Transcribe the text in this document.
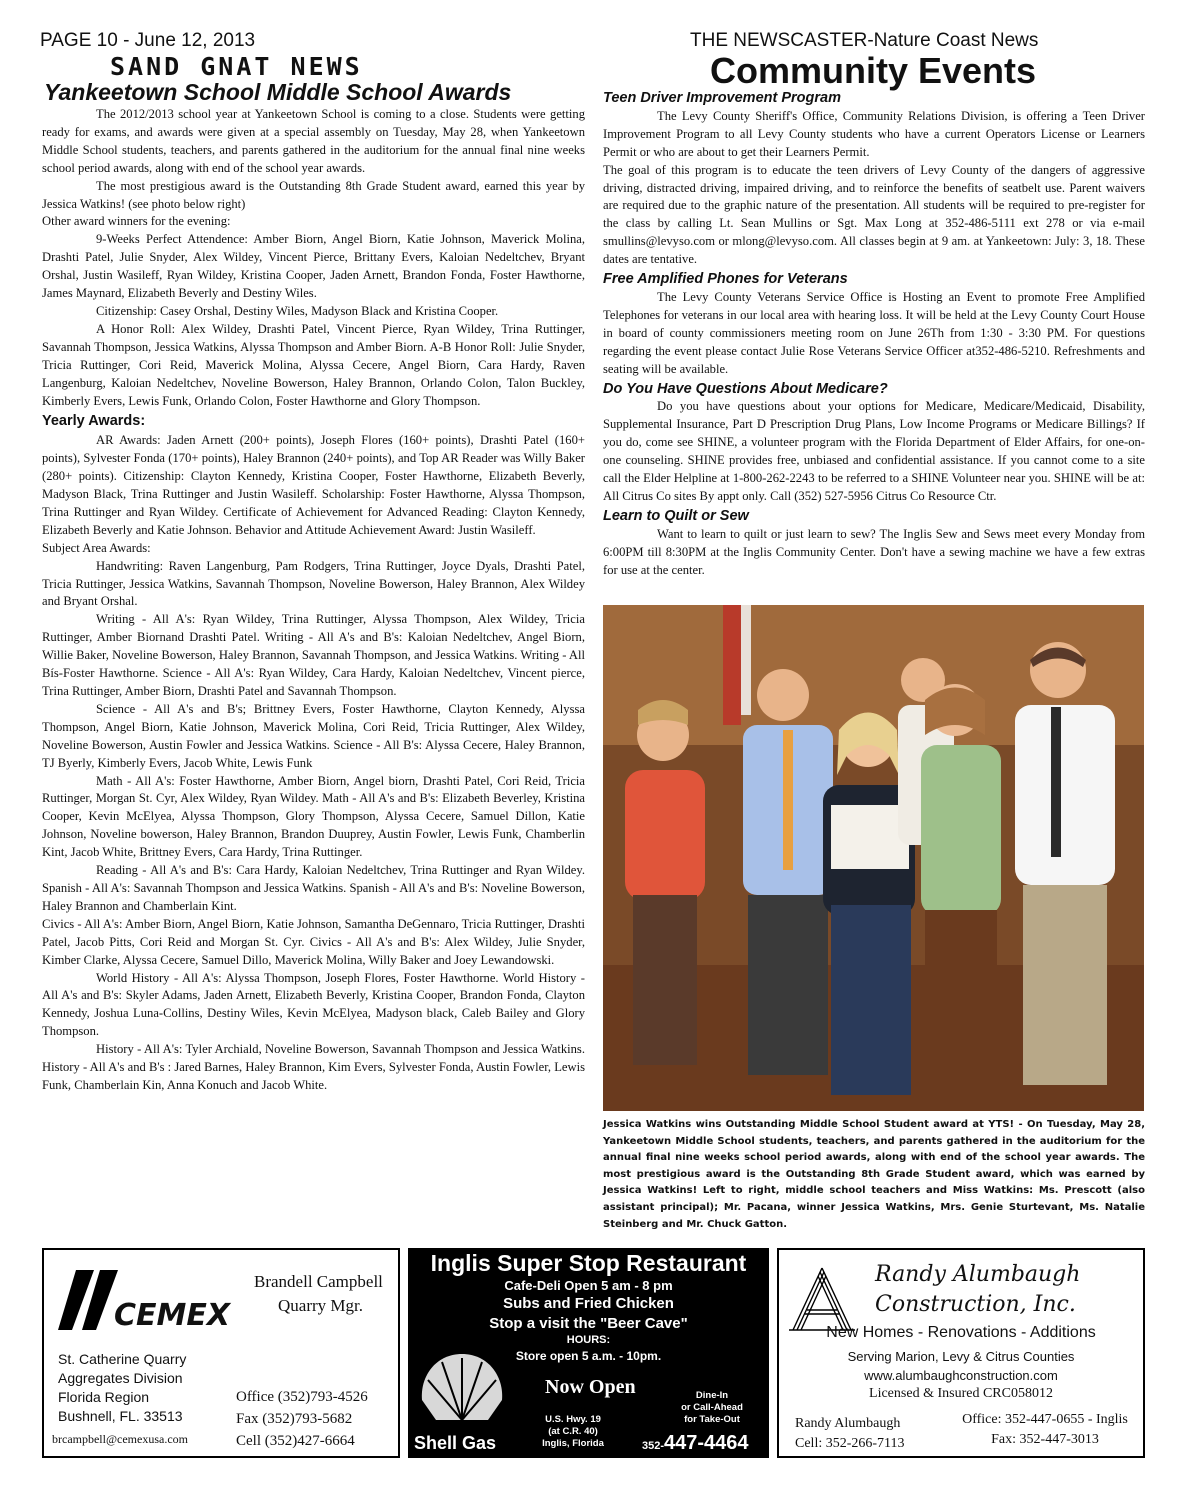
PAGE 10 - June 12, 2013	THE NEWSCASTER-Nature Coast News
SAND GNAT NEWS	Community Events
Yankeetown School Middle School Awards

The 2012/2013 school year at Yankeetown School is coming to a close. Students were getting ready for exams, and awards were given at a special assembly on Tuesday, May 28, when Yankeetown Middle School students, teachers, and parents gathered in the auditorium for the annual final nine weeks school period awards, along with end of the school year awards.

The most prestigious award is the Outstanding 8th Grade Student award, earned this year by Jessica Watkins! (see photo below right)

Other award winners for the evening:

9-Weeks Perfect Attendence: Amber Biorn, Angel Biorn, Katie Johnson, Maverick Molina, Drashti Patel, Julie Snyder, Alex Wildey, Vincent Pierce, Brittany Evers, Kaloian Nedeltchev, Bryant Orshal, Justin Wasileff, Ryan Wildey, Kristina Cooper, Jaden Arnett, Brandon Fonda, Foster Hawthorne, James Maynard, Elizabeth Beverly and Destiny Wiles.

Citizenship: Casey Orshal, Destiny Wiles, Madyson Black and Kristina Cooper.

A Honor Roll: Alex Wildey, Drashti Patel, Vincent Pierce, Ryan Wildey, Trina Ruttinger, Savannah Thompson, Jessica Watkins, Alyssa Thompson and Amber Biorn. A-B Honor Roll: Julie Snyder, Tricia Ruttinger, Cori Reid, Maverick Molina, Alyssa Cecere, Angel Biorn, Cara Hardy, Raven Langenburg, Kaloian Nedeltchev, Noveline Bowerson, Haley Brannon, Orlando Colon, Talon Buckley, Kimberly Evers, Lewis Funk, Orlando Colon, Foster Hawthorne and Glory Thompson.

Yearly Awards:

AR Awards: Jaden Arnett (200+ points), Joseph Flores (160+ points), Drashti Patel (160+ points), Sylvester Fonda (170+ points), Haley Brannon (240+ points), and Top AR Reader was Willy Baker (280+ points). Citizenship: Clayton Kennedy, Kristina Cooper, Foster Hawthorne, Elizabeth Beverly, Madyson Black, Trina Ruttinger and Justin Wasileff. Scholarship: Foster Hawthorne, Alyssa Thompson, Trina Ruttinger and Ryan Wildey. Certificate of Achievement for Advanced Reading: Clayton Kennedy, Elizabeth Beverly and Katie Johnson. Behavior and Attitude Achievement Award: Justin Wasileff.

Subject Area Awards:

Handwriting: Raven Langenburg, Pam Rodgers, Trina Ruttinger, Joyce Dyals, Drashti Patel, Tricia Ruttinger, Jessica Watkins, Savannah Thompson, Noveline Bowerson, Haley Brannon, Alex Wildey and Bryant Orshal.

Writing - All A's: Ryan Wildey, Trina Ruttinger, Alyssa Thompson, Alex Wildey, Tricia Ruttinger, Amber Biornand Drashti Patel. Writing - All A's and B's: Kaloian Nedeltchev, Angel Biorn, Willie Baker, Noveline Bowerson, Haley Brannon, Savannah Thompson, and Jessica Watkins. Writing - All Bís-Foster Hawthorne. Science - All A's: Ryan Wildey, Cara Hardy, Kaloian Nedeltchev, Vincent pierce, Trina Ruttinger, Amber Biorn, Drashti Patel and Savannah Thompson.

Science - All A's and B's; Brittney Evers, Foster Hawthorne, Clayton Kennedy, Alyssa Thompson, Angel Biorn, Katie Johnson, Maverick Molina, Cori Reid, Tricia Ruttinger, Alex Wildey, Noveline Bowerson, Austin Fowler and Jessica Watkins. Science - All B's: Alyssa Cecere, Haley Brannon, TJ Byerly, Kimberly Evers, Jacob White, Lewis Funk

Math - All A's: Foster Hawthorne, Amber Biorn, Angel biorn, Drashti Patel, Cori Reid, Tricia Ruttinger, Morgan St. Cyr, Alex Wildey, Ryan Wildey. Math - All A's and B's: Elizabeth Beverley, Kristina Cooper, Kevin McElyea, Alyssa Thompson, Glory Thompson, Alyssa Cecere, Samuel Dillon, Katie Johnson, Noveline bowerson, Haley Brannon, Brandon Duuprey, Austin Fowler, Lewis Funk, Chamberlin Kint, Jacob White, Brittney Evers, Cara Hardy, Trina Ruttinger.

Reading - All A's and B's: Cara Hardy, Kaloian Nedeltchev, Trina Ruttinger and Ryan Wildey. Spanish - All A's: Savannah Thompson and Jessica Watkins. Spanish - All A's and B's: Noveline Bowerson, Haley Brannon and Chamberlain Kint.

Civics - All A's: Amber Biorn, Angel Biorn, Katie Johnson, Samantha DeGennaro, Tricia Ruttinger, Drashti Patel, Jacob Pitts, Cori Reid and Morgan St. Cyr. Civics - All A's and B's: Alex Wildey, Julie Snyder, Kimber Clarke, Alyssa Cecere, Samuel Dillo, Maverick Molina, Willy Baker and Joey Lewandowski.

World History - All A's: Alyssa Thompson, Joseph Flores, Foster Hawthorne. World History - All A's and B's: Skyler Adams, Jaden Arnett, Elizabeth Beverly, Kristina Cooper, Brandon Fonda, Clayton Kennedy, Joshua Luna-Collins, Destiny Wiles, Kevin McElyea, Madyson black, Caleb Bailey and Glory Thompson.

History - All A's: Tyler Archiald, Noveline Bowerson, Savannah Thompson and Jessica Watkins. History - All A's and B's : Jared Barnes, Haley Brannon, Kim Evers, Sylvester Fonda, Austin Fowler, Lewis Funk, Chamberlain Kin, Anna Konuch and Jacob White.

Teen Driver Improvement Program

The Levy County Sheriff's Office, Community Relations Division, is offering a Teen Driver Improvement Program to all Levy County students who have a current Operators License or Learners Permit or who are about to get their Learners Permit.

The goal of this program is to educate the teen drivers of Levy County of the dangers of aggressive driving, distracted driving, impaired driving, and to reinforce the benefits of seatbelt use. Parent waivers are required due to the graphic nature of the presentation. All students will be required to pre-register for the class by calling Lt. Sean Mullins or Sgt. Max Long at 352-486-5111 ext 278 or via e-mail smullins@levyso.com or mlong@levyso.com. All classes begin at 9 am. at Yankeetown: July: 3, 18. These dates are tentative.

Free Amplified Phones for Veterans

The Levy County Veterans Service Office is Hosting an Event to promote Free Amplified Telephones for veterans in our local area with hearing loss. It will be held at the Levy County Court House in board of county commissioners meeting room on June 26Th from 1:30 - 3:30 PM. For questions regarding the event please contact Julie Rose Veterans Service Officer at352-486-5210. Refreshments and seating will be available.

Do You Have Questions About Medicare?

Do you have questions about your options for Medicare, Medicare/Medicaid, Disability, Supplemental Insurance, Part D Prescription Drug Plans, Low Income Programs or Medicare Billings? If you do, come see SHINE, a volunteer program with the Florida Department of Elder Affairs, for one-on-one counseling. SHINE provides free, unbiased and confidential assistance. If you cannot come to a site call the Elder Helpline at 1-800-262-2243 to be referred to a SHINE Volunteer near you. SHINE will be at: All Citrus Co sites By appt only. Call (352) 527-5956 Citrus Co Resource Ctr.

Learn to Quilt or Sew

Want to learn to quilt or just learn to sew? The Inglis Sew and Sews meet every Monday from 6:00PM till 8:30PM at the Inglis Community Center. Don't have a sewing machine we have a few extras for use at the center.

Jessica Watkins wins Outstanding Middle School Student award at YTS! - On Tuesday, May 28, Yankeetown Middle School students, teachers, and parents gathered in the auditorium for the annual final nine weeks school period awards, along with end of the school year awards. The most prestigious award is the Outstanding 8th Grade Student award, which was earned by Jessica Watkins! Left to right, middle school teachers and Miss Watkins: Ms. Prescott (also assistant principal); Mr. Pacana, winner Jessica Watkins, Mrs. Genie Sturtevant, Ms. Natalie Steinberg and Mr. Chuck Gatton.
CEMEX
Brandell Campbell
Quarry Mgr.
St. Catherine Quarry
Aggregates Division
Florida Region
Bushnell, FL. 33513
brcampbell@cemexusa.com
Office (352)793-4526
Fax (352)793-5682
Cell (352)427-6664
Inglis Super Stop Restaurant
Cafe-Deli Open 5 am - 8 pm
Subs and Fried Chicken
Stop a visit the "Beer Cave"
HOURS:
Store open 5 a.m. - 10pm.
Shell Gas
Now Open	Dine-In
or Call-Ahead
for Take-Out
U.S. Hwy. 19
(at C.R. 40)
Inglis, Florida	352-447-4464
Randy Alumbaugh
Construction, Inc.
New Homes - Renovations - Additions
Serving Marion, Levy & Citrus Counties
www.alumbaughconstruction.com
Licensed & Insured CRC058012
Randy Alumbaugh
Cell: 352-266-7113
Office: 352-447-0655 - Inglis
Fax: 352-447-3013
